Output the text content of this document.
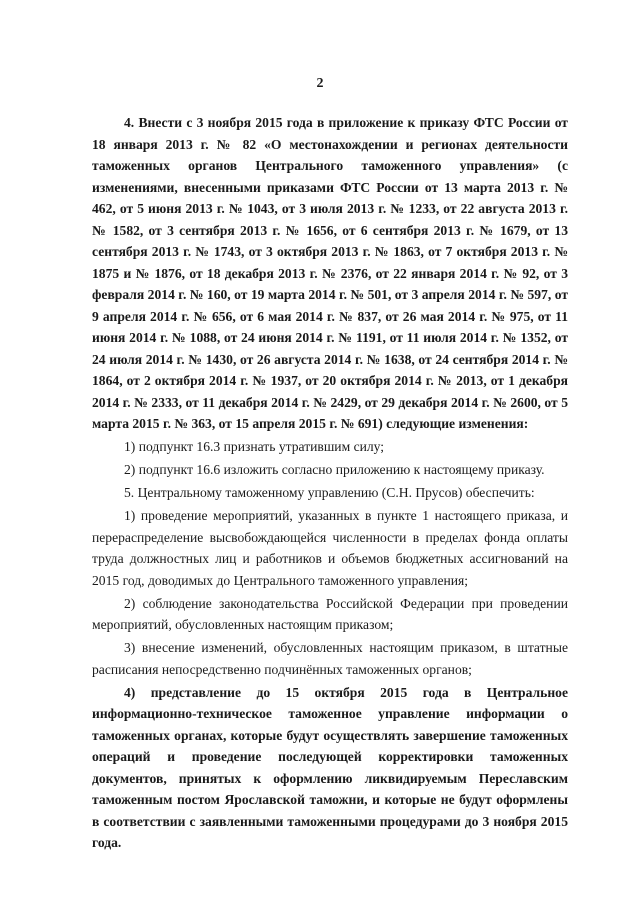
2

4. Внести с 3 ноября 2015 года в приложение к приказу ФТС России от 18 января 2013 г. № 82 «О местонахождении и регионах деятельности таможенных органов Центрального таможенного управления» (с изменениями, внесенными приказами ФТС России от 13 марта 2013 г. № 462, от 5 июня 2013 г. № 1043, от 3 июля 2013 г. № 1233, от 22 августа 2013 г. № 1582, от 3 сентября 2013 г. № 1656, от 6 сентября 2013 г. № 1679, от 13 сентября 2013 г. № 1743, от 3 октября 2013 г. № 1863, от 7 октября 2013 г. № 1875 и № 1876, от 18 декабря 2013 г. № 2376, от 22 января 2014 г. № 92, от 3 февраля 2014 г. № 160, от 19 марта 2014 г. № 501, от 3 апреля 2014 г. № 597, от 9 апреля 2014 г. № 656, от 6 мая 2014 г. № 837, от 26 мая 2014 г. № 975, от 11 июня 2014 г. № 1088, от 24 июня 2014 г. № 1191, от 11 июля 2014 г. № 1352, от 24 июля 2014 г. № 1430, от 26 августа 2014 г. № 1638, от 24 сентября 2014 г. № 1864, от 2 октября 2014 г. № 1937, от 20 октября 2014 г. № 2013, от 1 декабря 2014 г. № 2333, от 11 декабря 2014 г. № 2429, от 29 декабря 2014 г. № 2600, от 5 марта 2015 г. № 363, от 15 апреля 2015 г. № 691) следующие изменения:

1) подпункт 16.3 признать утратившим силу;

2) подпункт 16.6 изложить согласно приложению к настоящему приказу.

5. Центральному таможенному управлению (С.Н. Прусов) обеспечить:

1) проведение мероприятий, указанных в пункте 1 настоящего приказа, и перераспределение высвобождающейся численности в пределах фонда оплаты труда должностных лиц и работников и объемов бюджетных ассигнований на 2015 год, доводимых до Центрального таможенного управления;

2) соблюдение законодательства Российской Федерации при проведении мероприятий, обусловленных настоящим приказом;

3) внесение изменений, обусловленных настоящим приказом, в штатные расписания непосредственно подчинённых таможенных органов;

4) представление до 15 октября 2015 года в Центральное информационно-техническое таможенное управление информации о таможенных органах, которые будут осуществлять завершение таможенных операций и проведение последующей корректировки таможенных документов, принятых к оформлению ликвидируемым Переславским таможенным постом Ярославской таможни, и которые не будут оформлены в соответствии с заявленными таможенными процедурами до 3 ноября 2015 года.
